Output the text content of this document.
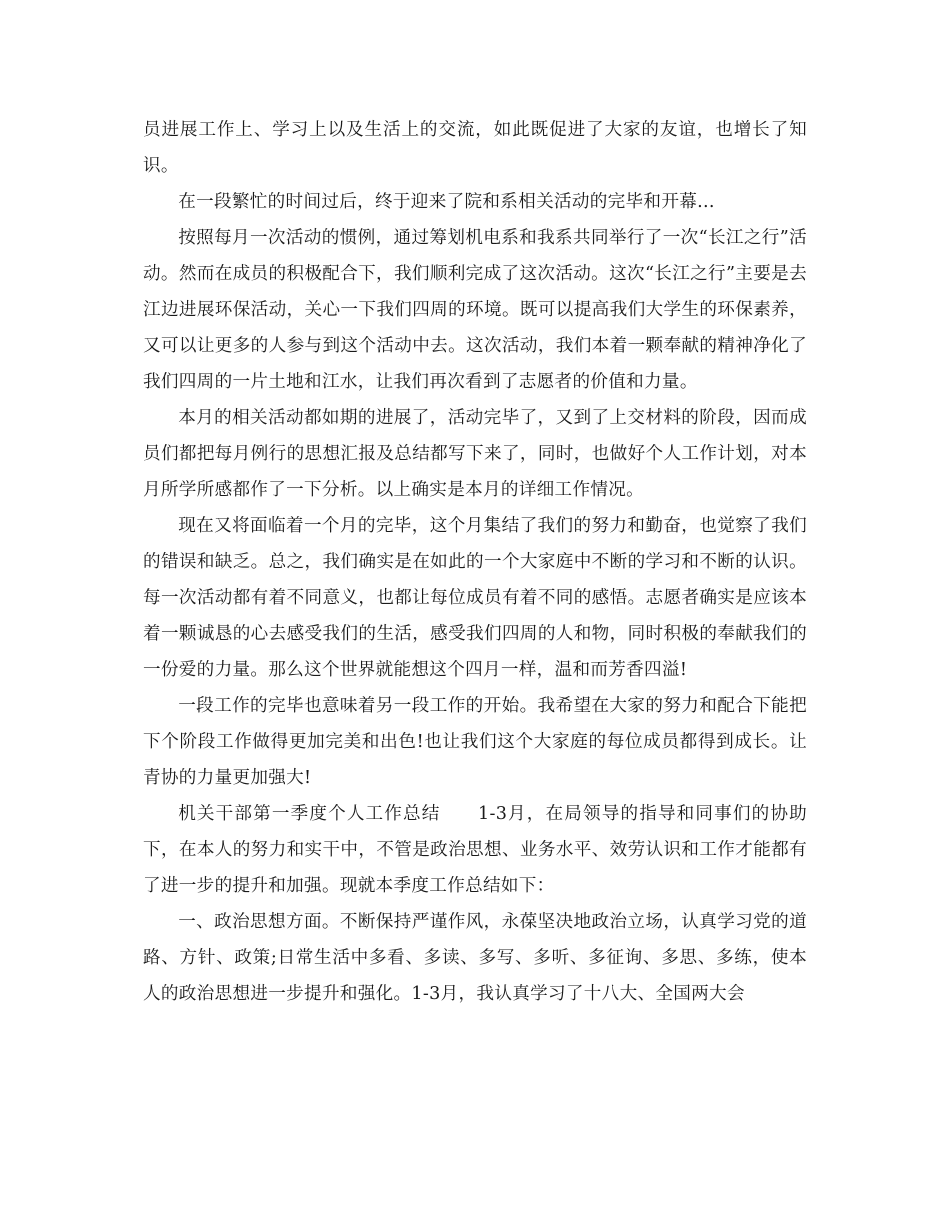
员进展工作上、学习上以及生活上的交流，如此既促进了大家的友谊，也增长了知识。

在一段繁忙的时间过后，终于迎来了院和系相关活动的完毕和开幕...

按照每月一次活动的惯例，通过筹划机电系和我系共同举行了一次“长江之行”活动。然而在成员的积极配合下，我们顺利完成了这次活动。这次“长江之行”主要是去江边进展环保活动，关心一下我们四周的环境。既可以提高我们大学生的环保素养，又可以让更多的人参与到这个活动中去。这次活动，我们本着一颗奉献的精神净化了我们四周的一片土地和江水，让我们再次看到了志愿者的价值和力量。

本月的相关活动都如期的进展了，活动完毕了，又到了上交材料的阶段，因而成员们都把每月例行的思想汇报及总结都写下来了，同时，也做好个人工作计划，对本月所学所感都作了一下分析。以上确实是本月的详细工作情况。

现在又将面临着一个月的完毕，这个月集结了我们的努力和勤奋，也觉察了我们的错误和缺乏。总之，我们确实是在如此的一个大家庭中不断的学习和不断的认识。每一次活动都有着不同意义，也都让每位成员有着不同的感悟。志愿者确实是应该本着一颗诚恳的心去感受我们的生活，感受我们四周的人和物，同时积极的奉献我们的一份爱的力量。那么这个世界就能想这个四月一样，温和而芳香四溢!

一段工作的完毕也意味着另一段工作的开始。我希望在大家的努力和配合下能把下个阶段工作做得更加完美和出色!也让我们这个大家庭的每位成员都得到成长。让青协的力量更加强大!

机关干部第一季度个人工作总结　　1-3月，在局领导的指导和同事们的协助下，在本人的努力和实干中，不管是政治思想、业务水平、效劳认识和工作才能都有了进一步的提升和加强。现就本季度工作总结如下：

一、政治思想方面。不断保持严谨作风，永葆坚决地政治立场，认真学习党的道路、方针、政策;日常生活中多看、多读、多写、多听、多征询、多思、多练，使本人的政治思想进一步提升和强化。1-3月，我认真学习了十八大、全国两大会
